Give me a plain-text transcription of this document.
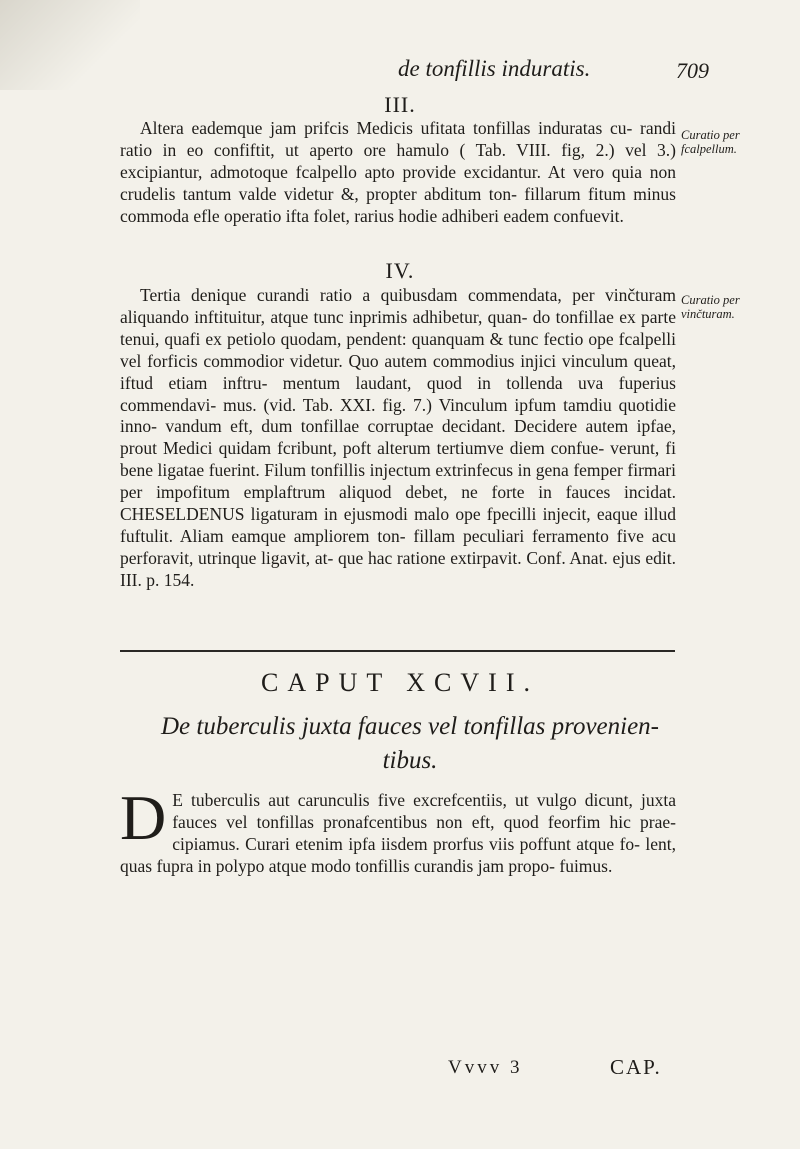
de tonfillis induratis.	709
III.

Altera eademque jam prifcis Medicis ufitata tonfillas induratas cu- randi ratio in eo confiftit, ut aperto ore hamulo ( Tab. VIII. fig, 2.) vel 3.) excipiantur, admotoque fcalpello apto provide excidantur. At vero quia non crudelis tantum valde videtur &, propter abditum ton- fillarum fitum minus commoda efle operatio ifta folet, rarius hodie adhiberi eadem confuevit.

Curatio per fcalpellum.
IV.

Tertia denique curandi ratio a quibusdam commendata, per vinčturam aliquando inftituitur, atque tunc inprimis adhibetur, quan- do tonfillae ex parte tenui, quafi ex petiolo quodam, pendent: quanquam & tunc fectio ope fcalpelli vel forficis commodior videtur. Quo autem commodius injici vinculum queat, iftud etiam inftru- mentum laudant, quod in tollenda uva fuperius commendavi- mus. (vid. Tab. XXI. fig. 7.) Vinculum ipfum tamdiu quotidie inno- vandum eft, dum tonfillae corruptae decidant. Decidere autem ipfae, prout Medici quidam fcribunt, poft alterum tertiumve diem confue- verunt, fi bene ligatae fuerint. Filum tonfillis injectum extrinfecus in gena femper firmari per impofitum emplaftrum aliquod debet, ne forte in fauces incidat. CHESELDENUS ligaturam in ejusmodi malo ope fpecilli injecit, eaque illud fuftulit. Aliam eamque ampliorem ton- fillam peculiari ferramento five acu perforavit, utrinque ligavit, at- que hac ratione extirpavit. Conf. Anat. ejus edit. III. p. 154.

Curatio per vinčturam.
CAPUT XCVII.
De tuberculis juxta fauces vel tonfillas provenien- tibus.
D E tuberculis aut carunculis five excrefcentiis, ut vulgo dicunt, juxta fauces vel tonfillas pronafcentibus non eft, quod feorfim hic prae- cipiamus. Curari etenim ipfa iisdem prorfus viis poffunt atque fo- lent, quas fupra in polypo atque modo tonfillis curandis jam propo- fuimus.
Vvvv 3	CAP.
